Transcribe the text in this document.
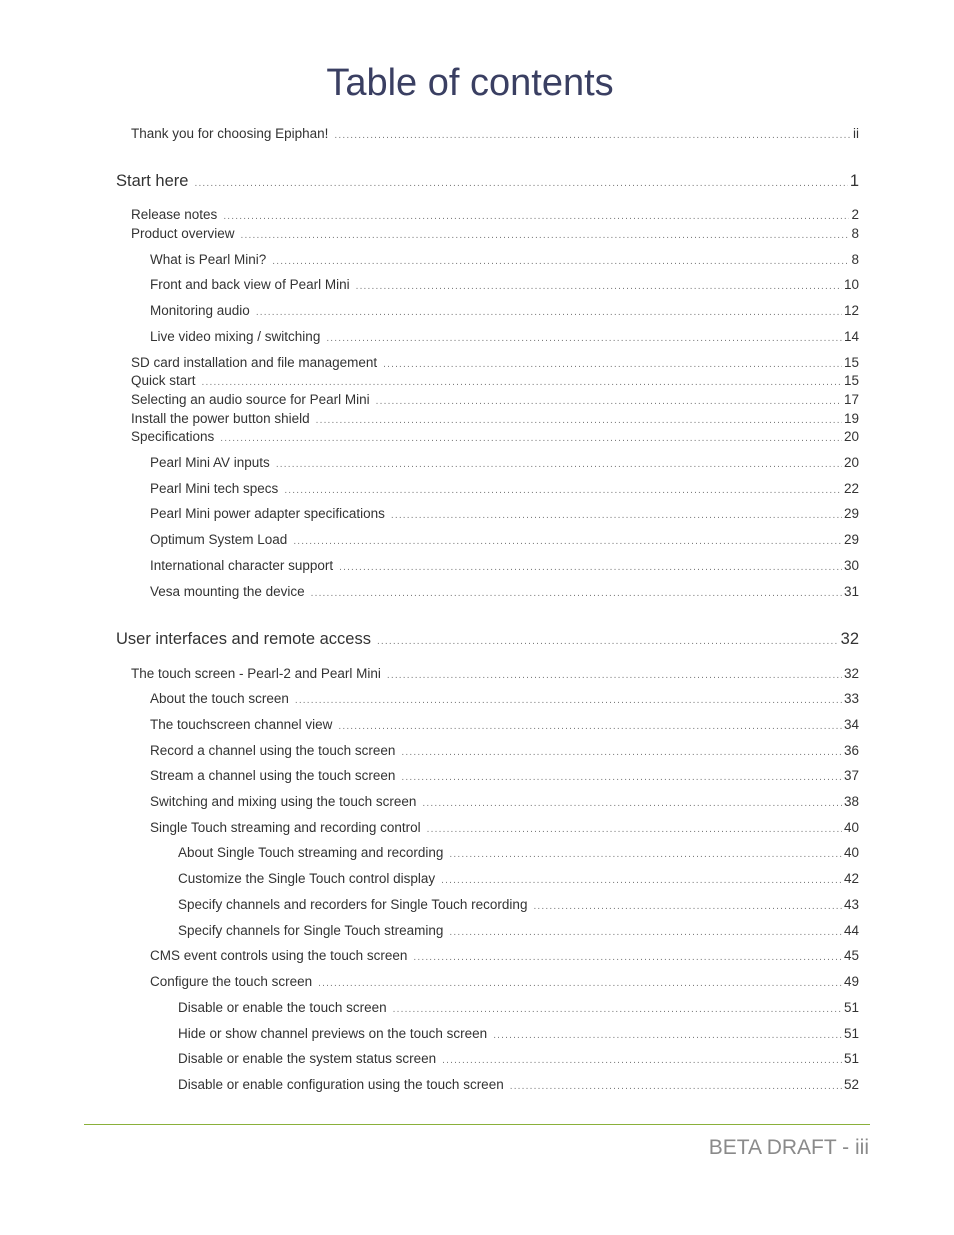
Table of contents
Thank you for choosing Epiphan! .....	ii
Start here .....	1
Release notes .....	2
Product overview .....	8
What is Pearl Mini? .....	8
Front and back view of Pearl Mini .....	10
Monitoring audio .....	12
Live video mixing / switching .....	14
SD card installation and file management .....	15
Quick start .....	15
Selecting an audio source for Pearl Mini .....	17
Install the power button shield .....	19
Specifications .....	20
Pearl Mini AV inputs .....	20
Pearl Mini tech specs .....	22
Pearl Mini power adapter specifications .....	29
Optimum System Load .....	29
International character support .....	30
Vesa mounting the device .....	31
User interfaces and remote access .....	32
The touch screen - Pearl-2 and Pearl Mini .....	32
About the touch screen .....	33
The touchscreen channel view .....	34
Record a channel using the touch screen .....	36
Stream a channel using the touch screen .....	37
Switching and mixing using the touch screen .....	38
Single Touch streaming and recording control .....	40
About Single Touch streaming and recording .....	40
Customize the Single Touch control display .....	42
Specify channels and recorders for Single Touch recording .....	43
Specify channels for Single Touch streaming .....	44
CMS event controls using the touch screen .....	45
Configure the touch screen .....	49
Disable or enable the touch screen .....	51
Hide or show channel previews on the touch screen .....	51
Disable or enable the system status screen .....	51
Disable or enable configuration using the touch screen .....	52
BETA DRAFT - iii
